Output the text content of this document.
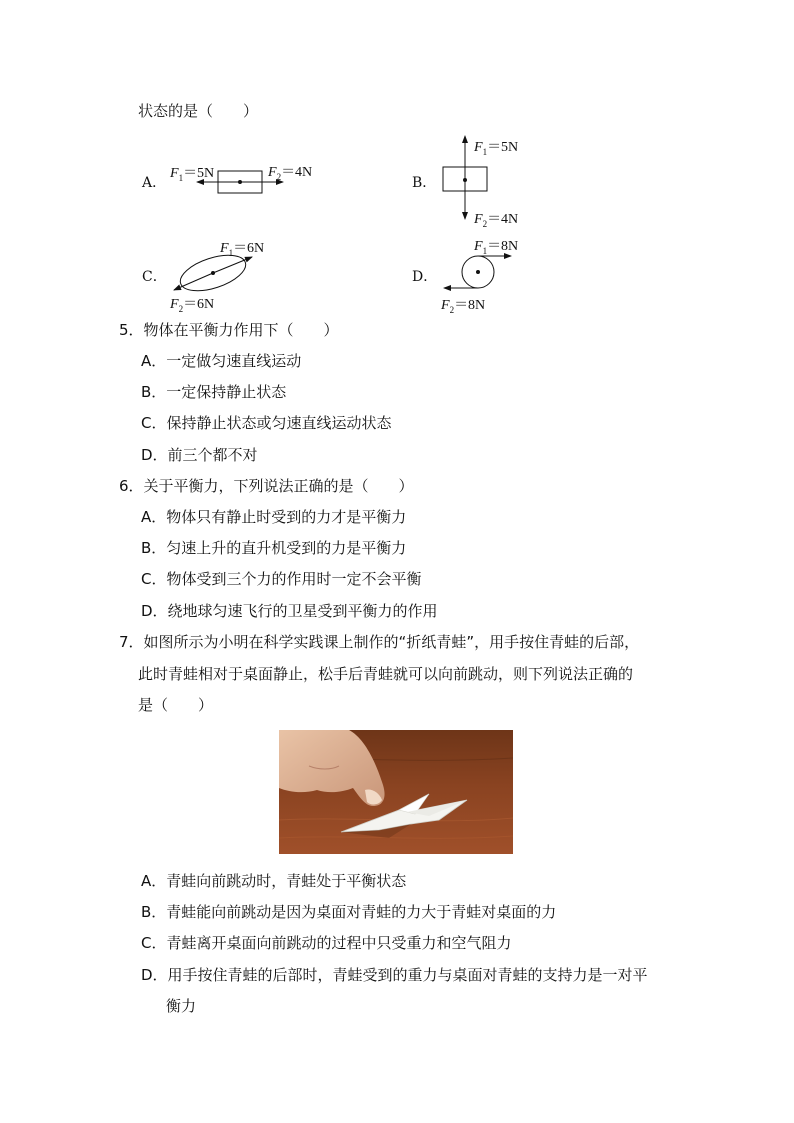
状态的是（　　）
A．	B．
C．	D．
$F_1=5N$	$F_2=4N$
$F_1=5N$
$F_2=4N$
$F_1=6N$
$F_2=6N$
$F_1=8N$
$F_2=8N$
5．物体在平衡力作用下（　　）
A．一定做匀速直线运动
B．一定保持静止状态
C．保持静止状态或匀速直线运动状态
D．前三个都不对
6．关于平衡力，下列说法正确的是（　　）
A．物体只有静止时受到的力才是平衡力
B．匀速上升的直升机受到的力是平衡力
C．物体受到三个力的作用时一定不会平衡
D．绕地球匀速飞行的卫星受到平衡力的作用
7．如图所示为小明在科学实践课上制作的“折纸青蛙”，用手按住青蛙的后部，
此时青蛙相对于桌面静止，松手后青蛙就可以向前跳动，则下列说法正确的
是（　　）
A．青蛙向前跳动时，青蛙处于平衡状态
B．青蛙能向前跳动是因为桌面对青蛙的力大于青蛙对桌面的力
C．青蛙离开桌面向前跳动的过程中只受重力和空气阻力
D．用手按住青蛙的后部时，青蛙受到的重力与桌面对青蛙的支持力是一对平
衡力
